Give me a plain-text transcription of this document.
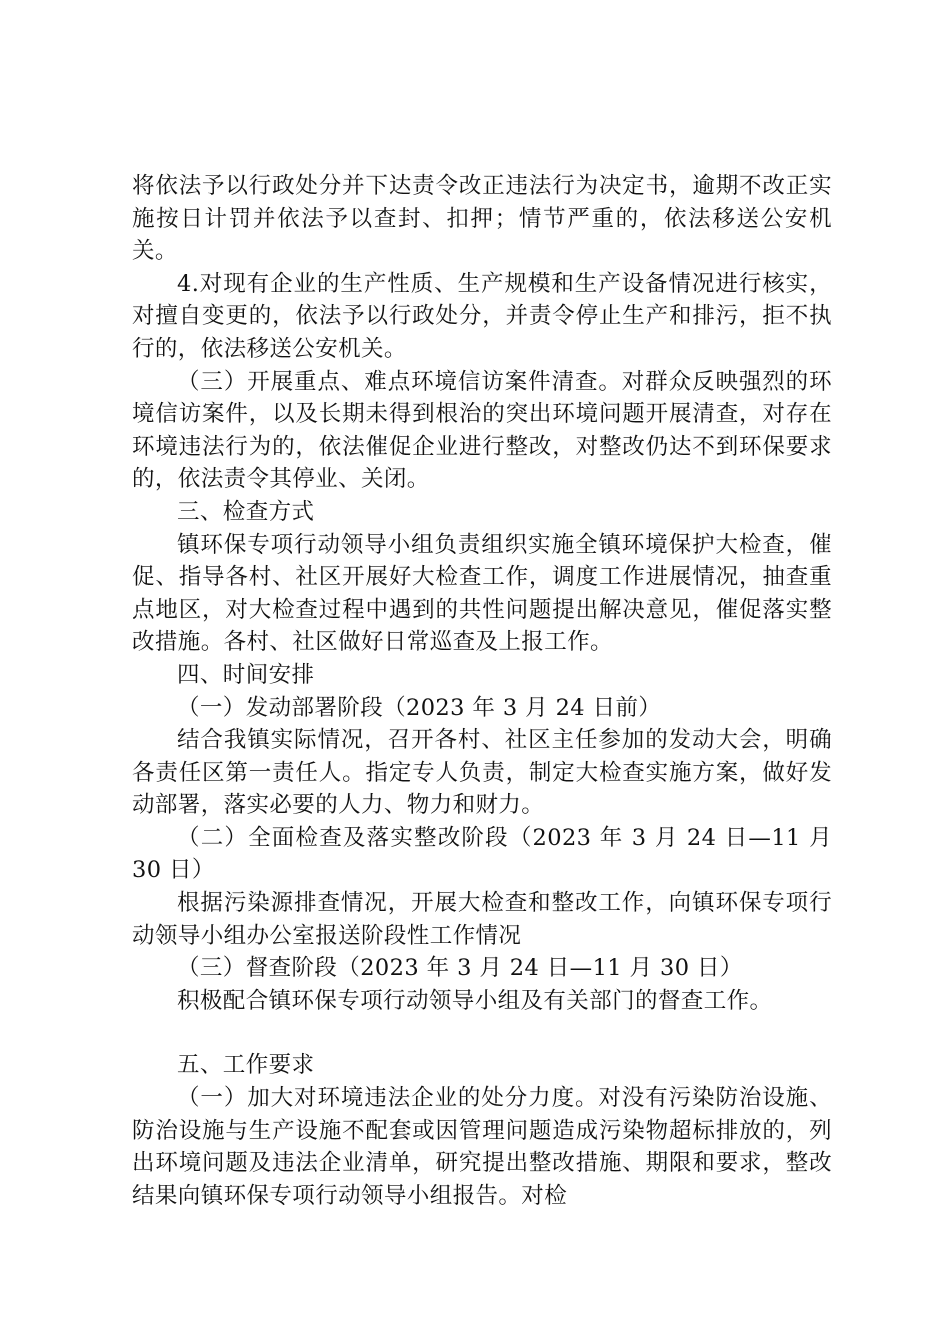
将依法予以行政处分并下达责令改正违法行为决定书，逾期不改正实施按日计罚并依法予以查封、扣押；情节严重的，依法移送公安机关。

4.对现有企业的生产性质、生产规模和生产设备情况进行核实，对擅自变更的，依法予以行政处分，并责令停止生产和排污，拒不执行的，依法移送公安机关。

（三）开展重点、难点环境信访案件清查。对群众反映强烈的环境信访案件，以及长期未得到根治的突出环境问题开展清查，对存在环境违法行为的，依法催促企业进行整改，对整改仍达不到环保要求的，依法责令其停业、关闭。

三、检查方式

镇环保专项行动领导小组负责组织实施全镇环境保护大检查，催促、指导各村、社区开展好大检查工作，调度工作进展情况，抽查重点地区，对大检查过程中遇到的共性问题提出解决意见，催促落实整改措施。各村、社区做好日常巡查及上报工作。

四、时间安排

（一）发动部署阶段（2023 年 3 月 24 日前）

结合我镇实际情况，召开各村、社区主任参加的发动大会，明确各责任区第一责任人。指定专人负责，制定大检查实施方案，做好发动部署，落实必要的人力、物力和财力。

（二）全面检查及落实整改阶段（2023 年 3 月 24 日—11 月 30 日）

根据污染源排查情况，开展大检查和整改工作，向镇环保专项行动领导小组办公室报送阶段性工作情况

（三）督查阶段（2023 年 3 月 24 日—11 月 30 日）

积极配合镇环保专项行动领导小组及有关部门的督查工作。

五、工作要求

（一）加大对环境违法企业的处分力度。对没有污染防治设施、防治设施与生产设施不配套或因管理问题造成污染物超标排放的，列出环境问题及违法企业清单，研究提出整改措施、期限和要求，整改结果向镇环保专项行动领导小组报告。对检
